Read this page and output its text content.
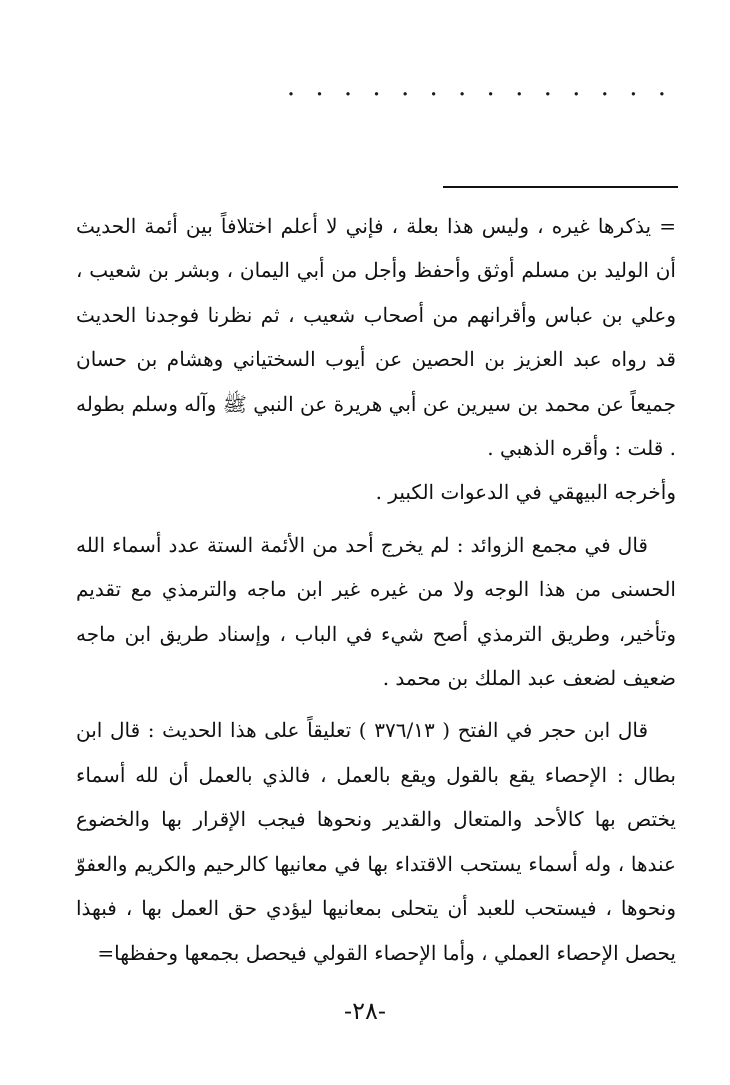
. . . . . . . . . . . . . .

= يذكرها غيره ، وليس هذا بعلة ، فإني لا أعلم اختلافاً بين أئمة الحديث أن الوليد بن مسلم أوثق وأحفظ وأجل من أبي اليمان ، وبشر بن شعيب ، وعلي بن عباس وأقرانهم من أصحاب شعيب ، ثم نظرنا فوجدنا الحديث قد رواه عبد العزيز بن الحصين عن أيوب السختياني وهشام بن حسان جميعاً عن محمد بن سيرين عن أبي هريرة عن النبي ﷺ وآله وسلم بطوله . قلت : وأقره الذهبي .

وأخرجه البيهقي في الدعوات الكبير .

قال في مجمع الزوائد : لم يخرج أحد من الأئمة الستة عدد أسماء الله الحسنى من هذا الوجه ولا من غيره غير ابن ماجه والترمذي مع تقديم وتأخير، وطريق الترمذي أصح شيء في الباب ، وإسناد طريق ابن ماجه ضعيف لضعف عبد الملك بن محمد .

قال ابن حجر في الفتح ( ٣٧٦/١٣ ) تعليقاً على هذا الحديث : قال ابن بطال : الإحصاء يقع بالقول ويقع بالعمل ، فالذي بالعمل أن لله أسماء يختص بها كالأحد والمتعال والقدير ونحوها فيجب الإقرار بها والخضوع عندها ، وله أسماء يستحب الاقتداء بها في معانيها كالرحيم والكريم والعفوّ ونحوها ، فيستحب للعبد أن يتحلى بمعانيها ليؤدي حق العمل بها ، فبهذا يحصل الإحصاء العملي ، وأما الإحصاء القولي فيحصل بجمعها وحفظها=

-٢٨-
